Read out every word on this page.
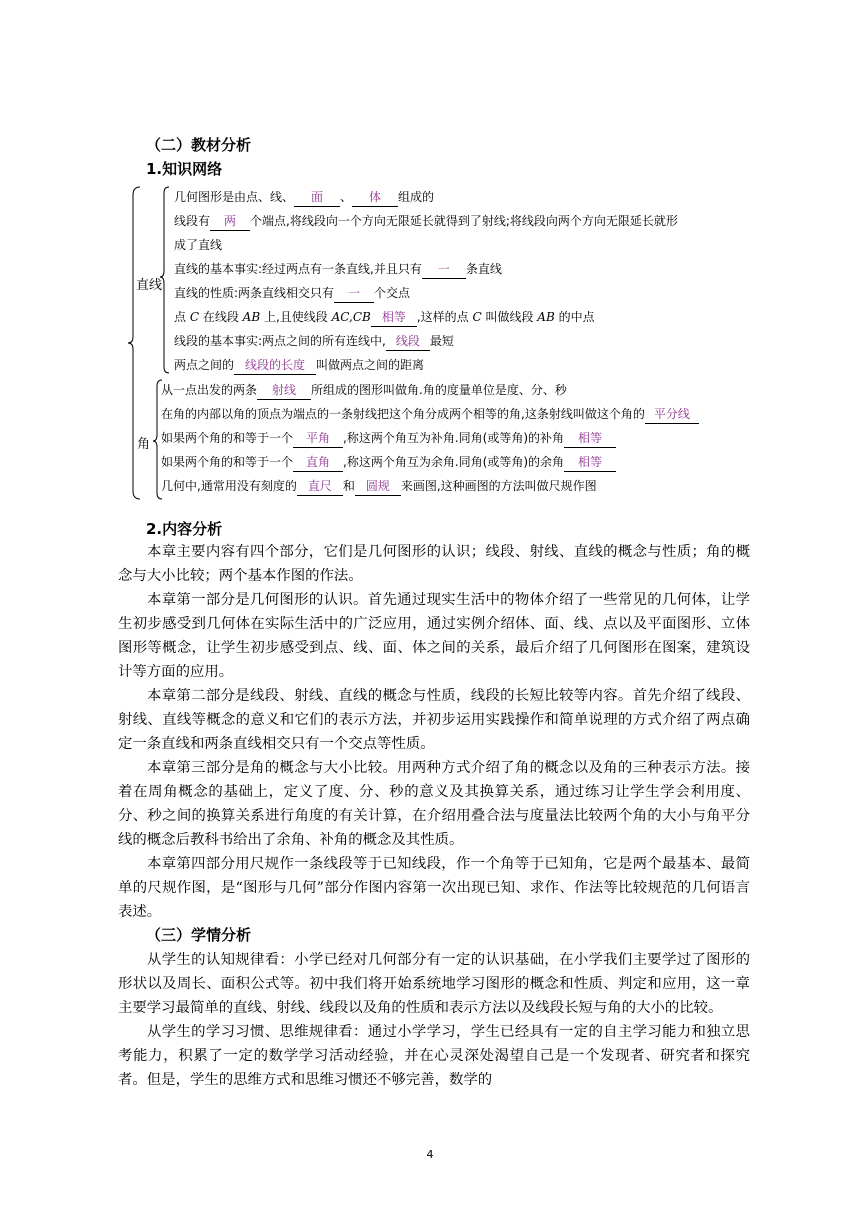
（二）教材分析
1.知识网络
直线
角
几何图形是由点、线、 面 、 体 组成的
线段有 两 个端点,将线段向一个方向无限延长就得到了射线;将线段向两个方向无限延长就形
成了直线
直线的基本事实:经过两点有一条直线,并且只有 一 条直线
直线的性质:两条直线相交只有 一 个交点
点 C 在线段 AB 上,且使线段 AC,CB 相等 ,这样的点 C 叫做线段 AB 的中点
线段的基本事实:两点之间的所有连线中, 线段 最短
两点之间的 线段的长度 叫做两点之间的距离
从一点出发的两条 射线 所组成的图形叫做角.角的度量单位是度、分、秒
在角的内部以角的顶点为端点的一条射线把这个角分成两个相等的角,这条射线叫做这个角的 平分线
如果两个角的和等于一个 平角 ,称这两个角互为补角.同角(或等角)的补角 相等
如果两个角的和等于一个 直角 ,称这两个角互为余角.同角(或等角)的余角 相等
几何中,通常用没有刻度的 直尺 和 圆规 来画图,这种画图的方法叫做尺规作图
2.内容分析

本章主要内容有四个部分，它们是几何图形的认识；线段、射线、直线的概念与性质；角的概念与大小比较；两个基本作图的作法。

本章第一部分是几何图形的认识。首先通过现实生活中的物体介绍了一些常见的几何体，让学生初步感受到几何体在实际生活中的广泛应用，通过实例介绍体、面、线、点以及平面图形、立体图形等概念，让学生初步感受到点、线、面、体之间的关系，最后介绍了几何图形在图案，建筑设计等方面的应用。

本章第二部分是线段、射线、直线的概念与性质，线段的长短比较等内容。首先介绍了线段、射线、直线等概念的意义和它们的表示方法，并初步运用实践操作和简单说理的方式介绍了两点确定一条直线和两条直线相交只有一个交点等性质。

本章第三部分是角的概念与大小比较。用两种方式介绍了角的概念以及角的三种表示方法。接着在周角概念的基础上，定义了度、分、秒的意义及其换算关系，通过练习让学生学会利用度、分、秒之间的换算关系进行角度的有关计算，在介绍用叠合法与度量法比较两个角的大小与角平分线的概念后教科书给出了余角、补角的概念及其性质。

本章第四部分用尺规作一条线段等于已知线段，作一个角等于已知角，它是两个最基本、最简单的尺规作图，是“图形与几何”部分作图内容第一次出现已知、求作、作法等比较规范的几何语言表述。

（三）学情分析

从学生的认知规律看：小学已经对几何部分有一定的认识基础，在小学我们主要学过了图形的形状以及周长、面积公式等。初中我们将开始系统地学习图形的概念和性质、判定和应用，这一章主要学习最简单的直线、射线、线段以及角的性质和表示方法以及线段长短与角的大小的比较。

从学生的学习习惯、思维规律看：通过小学学习，学生已经具有一定的自主学习能力和独立思考能力，积累了一定的数学学习活动经验，并在心灵深处渴望自己是一个发现者、研究者和探究者。但是，学生的思维方式和思维习惯还不够完善，数学的

4
